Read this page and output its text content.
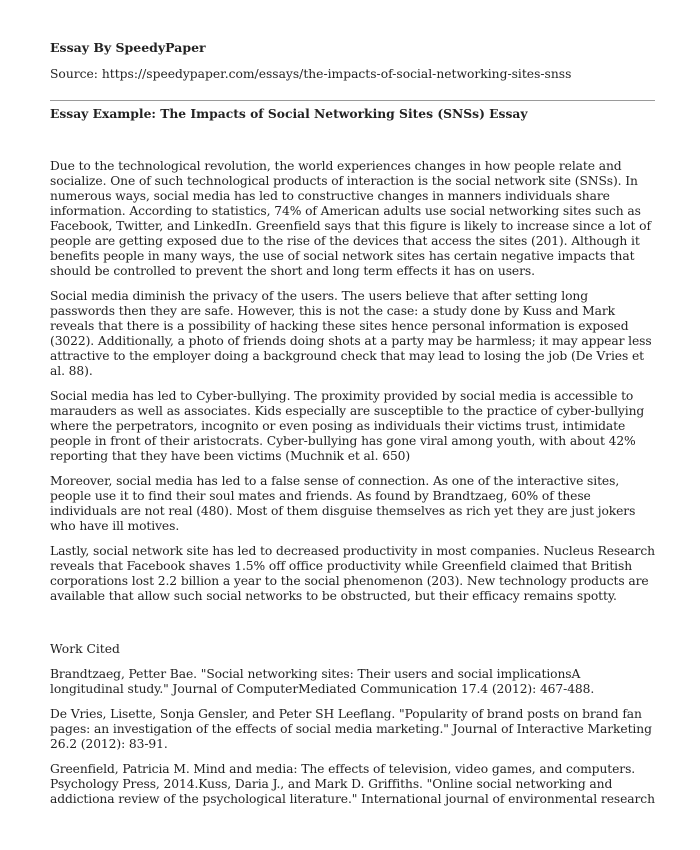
Essay By SpeedyPaper

Source: https://speedypaper.com/essays/the-impacts-of-social-networking-sites-snss

Essay Example: The Impacts of Social Networking Sites (SNSs) Essay

Due to the technological revolution, the world experiences changes in how people relate and socialize. One of such technological products of interaction is the social network site (SNSs). In numerous ways, social media has led to constructive changes in manners individuals share information. According to statistics, 74% of American adults use social networking sites such as Facebook, Twitter, and LinkedIn. Greenfield says that this figure is likely to increase since a lot of people are getting exposed due to the rise of the devices that access the sites (201). Although it benefits people in many ways, the use of social network sites has certain negative impacts that should be controlled to prevent the short and long term effects it has on users.

Social media diminish the privacy of the users. The users believe that after setting long passwords then they are safe. However, this is not the case: a study done by Kuss and Mark reveals that there is a possibility of hacking these sites hence personal information is exposed (3022). Additionally, a photo of friends doing shots at a party may be harmless; it may appear less attractive to the employer doing a background check that may lead to losing the job (De Vries et al. 88).

Social media has led to Cyber-bullying. The proximity provided by social media is accessible to marauders as well as associates. Kids especially are susceptible to the practice of cyber-bullying where the perpetrators, incognito or even posing as individuals their victims trust, intimidate people in front of their aristocrats. Cyber-bullying has gone viral among youth, with about 42% reporting that they have been victims (Muchnik et al. 650)

Moreover, social media has led to a false sense of connection. As one of the interactive sites, people use it to find their soul mates and friends. As found by Brandtzaeg, 60% of these individuals are not real (480). Most of them disguise themselves as rich yet they are just jokers who have ill motives.

Lastly, social network site has led to decreased productivity in most companies. Nucleus Research reveals that Facebook shaves 1.5% off office productivity while Greenfield claimed that British corporations lost 2.2 billion a year to the social phenomenon (203). New technology products are available that allow such social networks to be obstructed, but their efficacy remains spotty.

Work Cited

Brandtzaeg, Petter Bae. "Social networking sites: Their users and social implicationsA longitudinal study." Journal of ComputerMediated Communication 17.4 (2012): 467-488.

De Vries, Lisette, Sonja Gensler, and Peter SH Leeflang. "Popularity of brand posts on brand fan pages: an investigation of the effects of social media marketing." Journal of Interactive Marketing 26.2 (2012): 83-91.

Greenfield, Patricia M. Mind and media: The effects of television, video games, and computers. Psychology Press, 2014.Kuss, Daria J., and Mark D. Griffiths. "Online social networking and addictiona review of the psychological literature." International journal of environmental research
